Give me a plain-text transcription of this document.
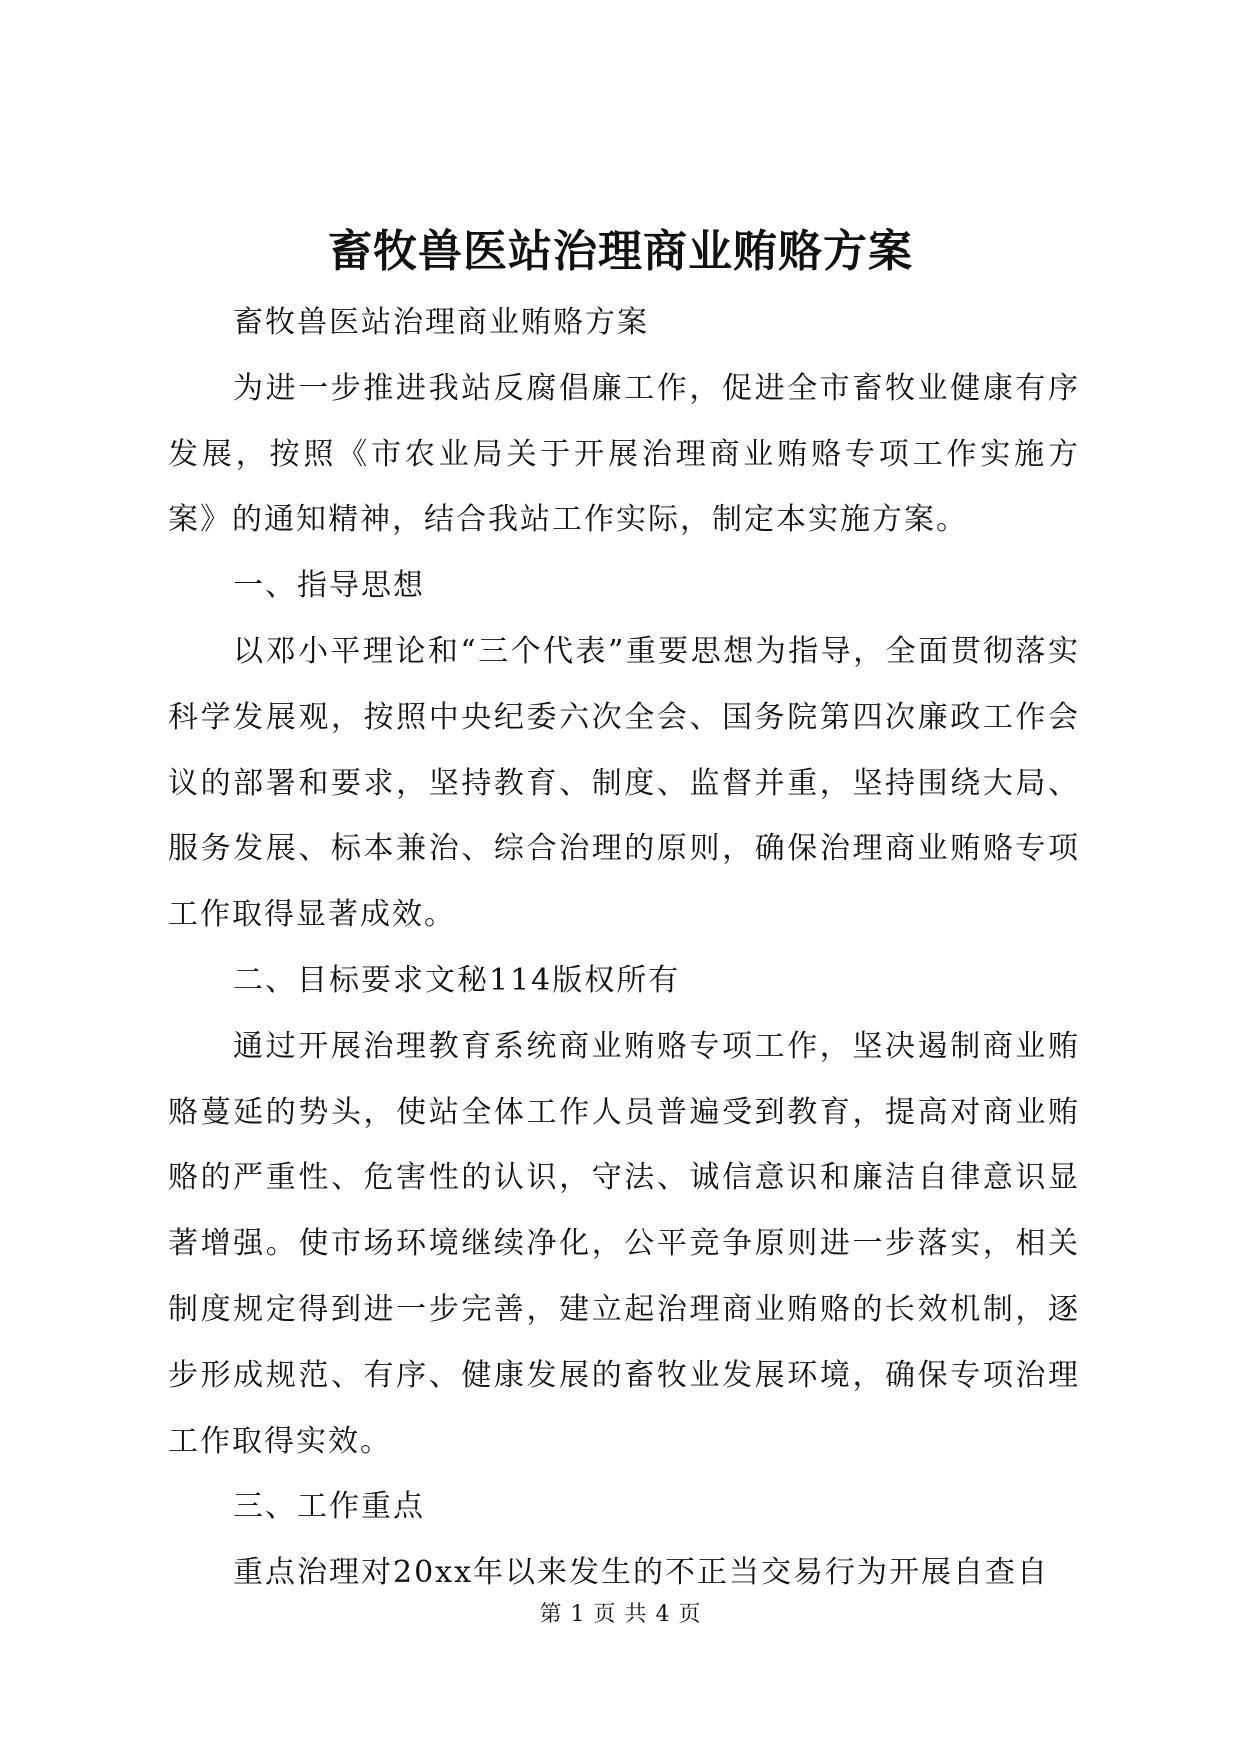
畜牧兽医站治理商业贿赂方案

畜牧兽医站治理商业贿赂方案

为进一步推进我站反腐倡廉工作，促进全市畜牧业健康有序发展，按照《市农业局关于开展治理商业贿赂专项工作实施方案》的通知精神，结合我站工作实际，制定本实施方案。

一、指导思想

以邓小平理论和“三个代表”重要思想为指导，全面贯彻落实科学发展观，按照中央纪委六次全会、国务院第四次廉政工作会议的部署和要求，坚持教育、制度、监督并重，坚持围绕大局、服务发展、标本兼治、综合治理的原则，确保治理商业贿赂专项工作取得显著成效。

二、目标要求文秘114版权所有

通过开展治理教育系统商业贿赂专项工作，坚决遏制商业贿赂蔓延的势头，使站全体工作人员普遍受到教育，提高对商业贿赂的严重性、危害性的认识，守法、诚信意识和廉洁自律意识显著增强。使市场环境继续净化，公平竞争原则进一步落实，相关制度规定得到进一步完善，建立起治理商业贿赂的长效机制，逐步形成规范、有序、健康发展的畜牧业发展环境，确保专项治理工作取得实效。

三、工作重点

重点治理对20xx年以来发生的不正当交易行为开展自查自

第 1 页 共 4 页
